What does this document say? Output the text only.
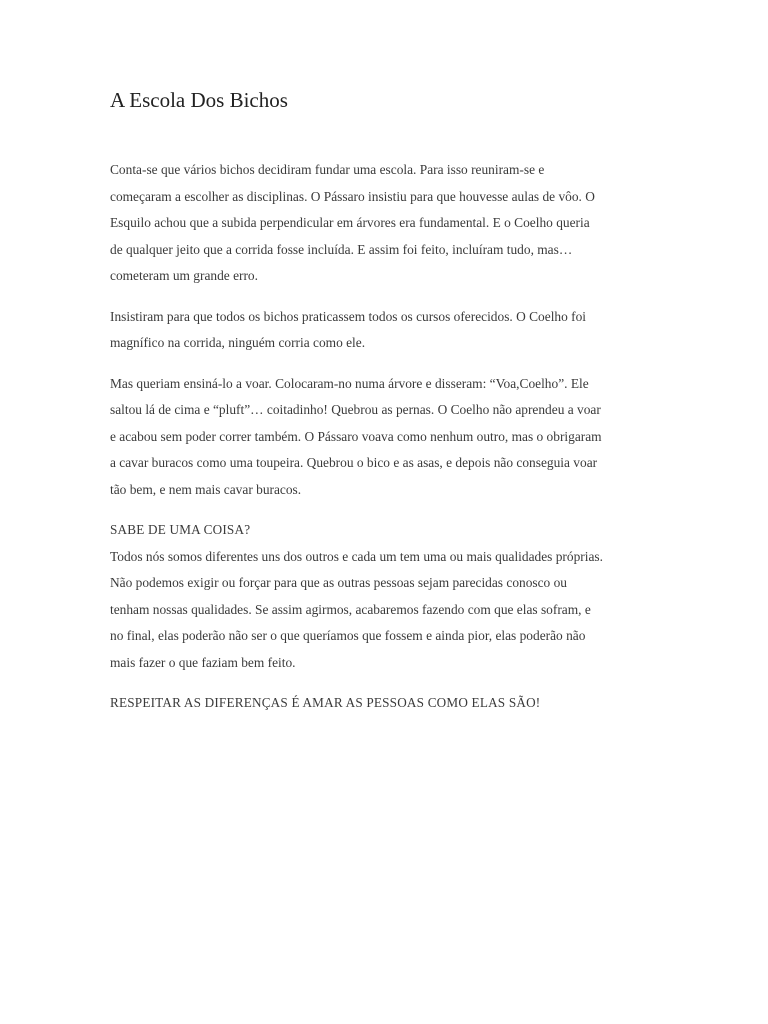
A Escola Dos Bichos

Conta-se que vários bichos decidiram fundar uma escola. Para isso reuniram-se e
começaram a escolher as disciplinas. O Pássaro insistiu para que houvesse aulas de vôo. O
Esquilo achou que a subida perpendicular em árvores era fundamental. E o Coelho queria
de qualquer jeito que a corrida fosse incluída. E assim foi feito, incluíram tudo, mas…
cometeram um grande erro.

Insistiram para que todos os bichos praticassem todos os cursos oferecidos. O Coelho foi
magnífico na corrida, ninguém corria como ele.

Mas queriam ensiná-lo a voar. Colocaram-no numa árvore e disseram: “Voa,Coelho”. Ele
saltou lá de cima e “pluft”… coitadinho! Quebrou as pernas. O Coelho não aprendeu a voar
e acabou sem poder correr também. O Pássaro voava como nenhum outro, mas o obrigaram
a cavar buracos como uma toupeira. Quebrou o bico e as asas, e depois não conseguia voar
tão bem, e nem mais cavar buracos.

SABE DE UMA COISA?
Todos nós somos diferentes uns dos outros e cada um tem uma ou mais qualidades próprias.
Não podemos exigir ou forçar para que as outras pessoas sejam parecidas conosco ou
tenham nossas qualidades. Se assim agirmos, acabaremos fazendo com que elas sofram, e
no final, elas poderão não ser o que queríamos que fossem e ainda pior, elas poderão não
mais fazer o que faziam bem feito.

RESPEITAR AS DIFERENÇAS É AMAR AS PESSOAS COMO ELAS SÃO!
